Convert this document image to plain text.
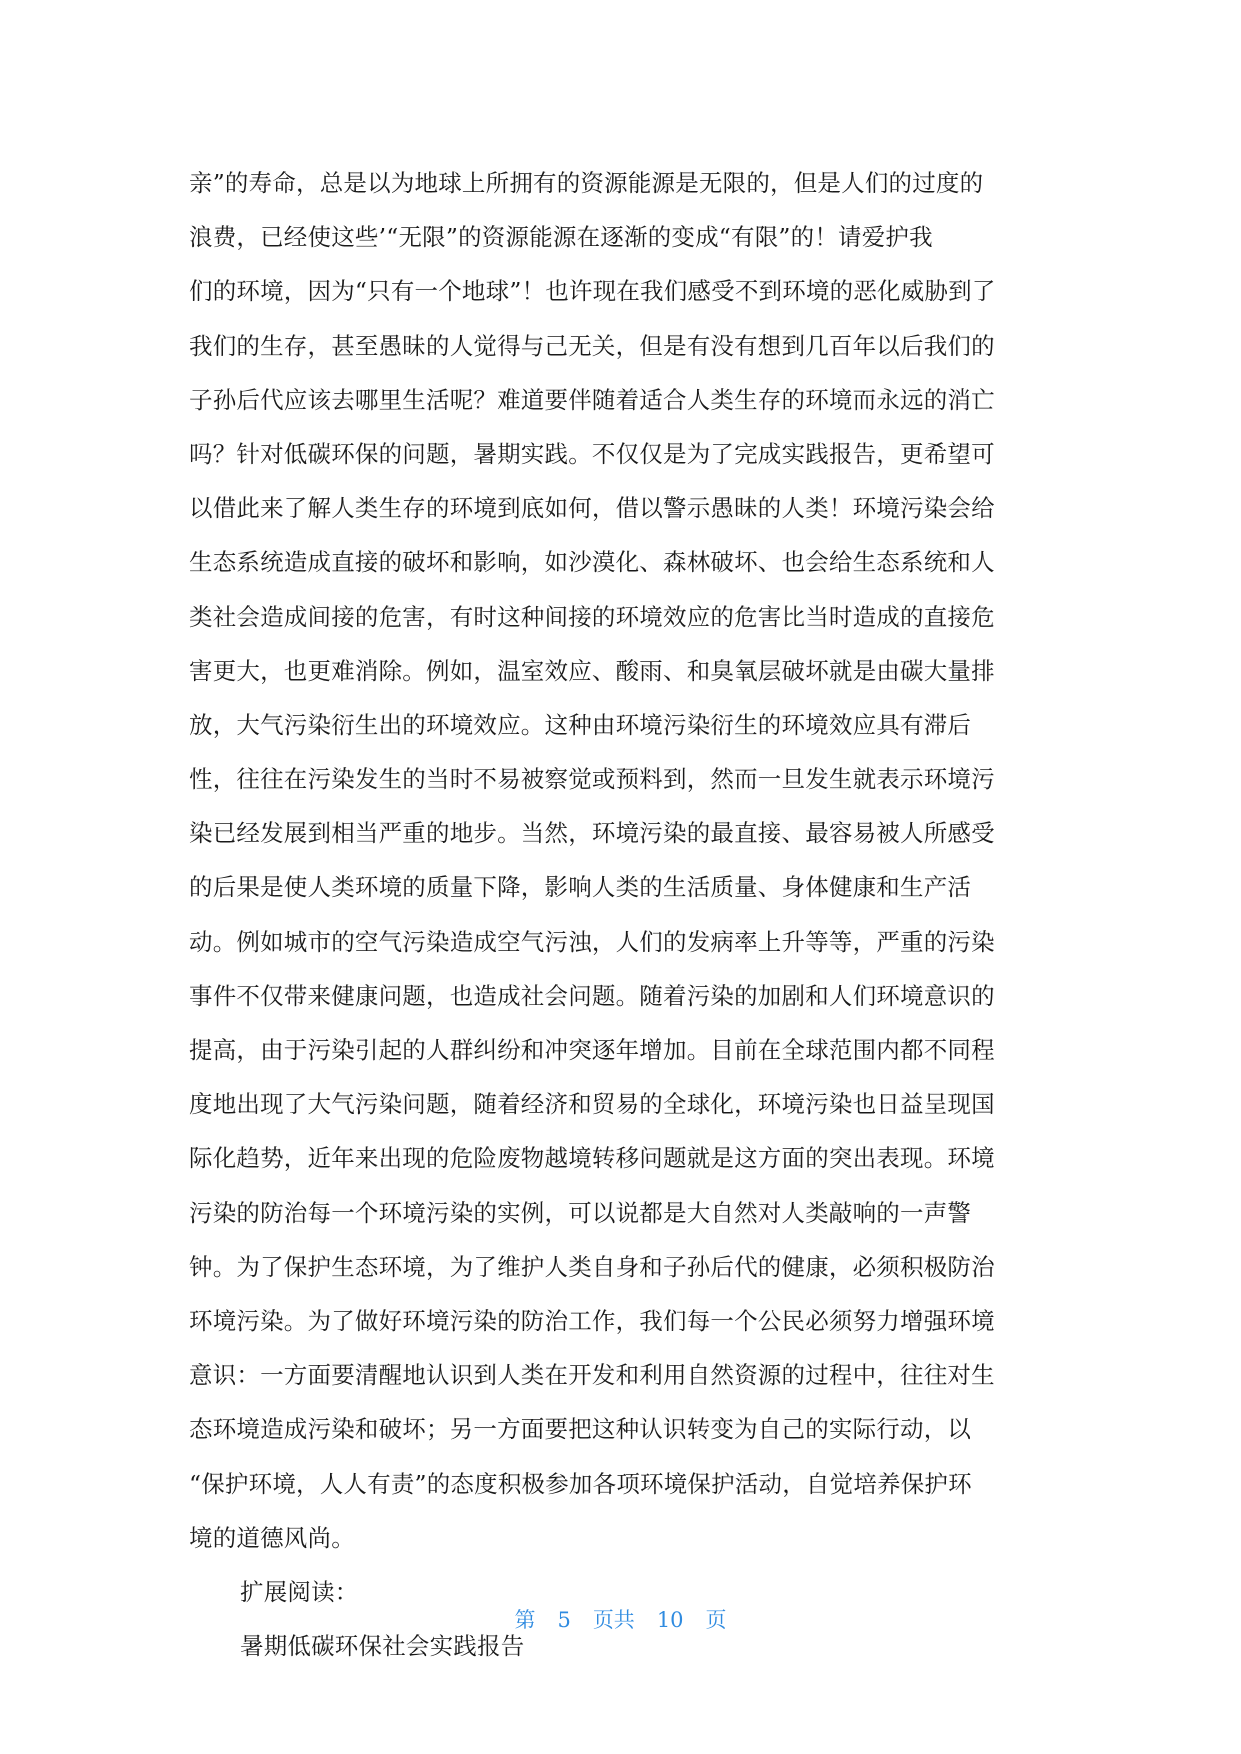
亲”的寿命，总是以为地球上所拥有的资源能源是无限的，但是人们的过度的
浪费，已经使这些’“无限”的资源能源在逐渐的变成“有限”的！请爱护我
们的环境，因为“只有一个地球”！也许现在我们感受不到环境的恶化威胁到了
我们的生存，甚至愚昧的人觉得与己无关，但是有没有想到几百年以后我们的
子孙后代应该去哪里生活呢？难道要伴随着适合人类生存的环境而永远的消亡
吗？针对低碳环保的问题，暑期实践。不仅仅是为了完成实践报告，更希望可
以借此来了解人类生存的环境到底如何，借以警示愚昧的人类！环境污染会给
生态系统造成直接的破坏和影响，如沙漠化、森林破坏、也会给生态系统和人
类社会造成间接的危害，有时这种间接的环境效应的危害比当时造成的直接危
害更大，也更难消除。例如，温室效应、酸雨、和臭氧层破坏就是由碳大量排
放，大气污染衍生出的环境效应。这种由环境污染衍生的环境效应具有滞后
性，往往在污染发生的当时不易被察觉或预料到，然而一旦发生就表示环境污
染已经发展到相当严重的地步。当然，环境污染的最直接、最容易被人所感受
的后果是使人类环境的质量下降，影响人类的生活质量、身体健康和生产活
动。例如城市的空气污染造成空气污浊，人们的发病率上升等等，严重的污染
事件不仅带来健康问题，也造成社会问题。随着污染的加剧和人们环境意识的
提高，由于污染引起的人群纠纷和冲突逐年增加。目前在全球范围内都不同程
度地出现了大气污染问题，随着经济和贸易的全球化，环境污染也日益呈现国
际化趋势，近年来出现的危险废物越境转移问题就是这方面的突出表现。环境
污染的防治每一个环境污染的实例，可以说都是大自然对人类敲响的一声警
钟。为了保护生态环境，为了维护人类自身和子孙后代的健康，必须积极防治
环境污染。为了做好环境污染的防治工作，我们每一个公民必须努力增强环境
意识：一方面要清醒地认识到人类在开发和利用自然资源的过程中，往往对生
态环境造成污染和破坏；另一方面要把这种认识转变为自己的实际行动，以
“保护环境，人人有责”的态度积极参加各项环境保护活动，自觉培养保护环
境的道德风尚。
扩展阅读：
暑期低碳环保社会实践报告
第 5 页共 10 页
